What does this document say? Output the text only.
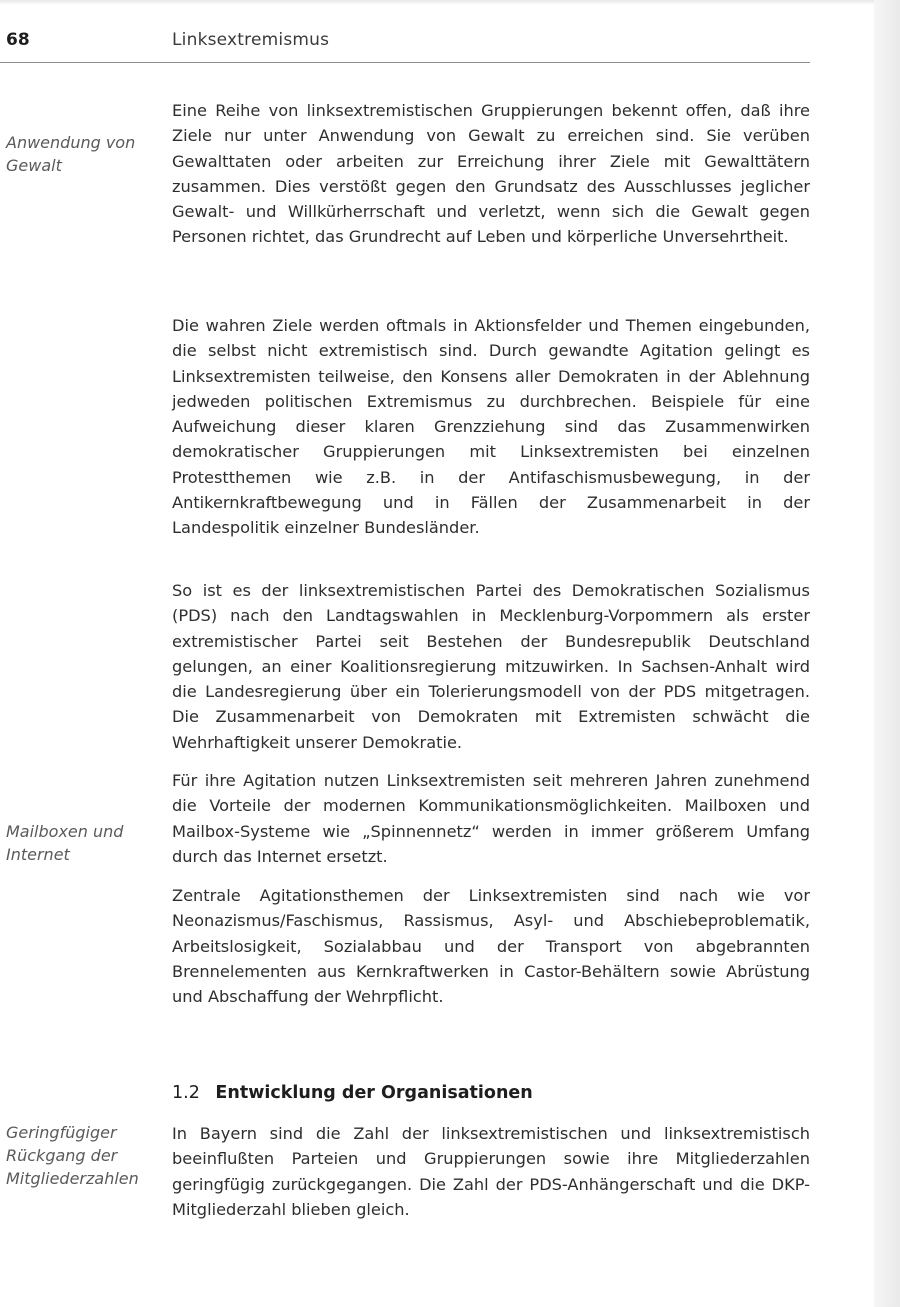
68	Linksextremismus
Anwendung von
Gewalt
Mailboxen und
Internet
Geringfügiger
Rückgang der
Mitgliederzahlen

Eine Reihe von linksextremistischen Gruppierungen bekennt offen, daß ihre Ziele nur unter Anwendung von Gewalt zu erreichen sind. Sie verüben Gewalttaten oder arbeiten zur Erreichung ihrer Ziele mit Gewalttätern zusammen. Dies verstößt gegen den Grundsatz des Ausschlusses jeglicher Gewalt- und Willkürherrschaft und verletzt, wenn sich die Gewalt gegen Personen richtet, das Grundrecht auf Leben und körperliche Unversehrtheit.

Die wahren Ziele werden oftmals in Aktionsfelder und Themen eingebunden, die selbst nicht extremistisch sind. Durch gewandte Agitation gelingt es Linksextremisten teilweise, den Konsens aller Demokraten in der Ablehnung jedweden politischen Extremismus zu durchbrechen. Beispiele für eine Aufweichung dieser klaren Grenzziehung sind das Zusammenwirken demokratischer Gruppierungen mit Linksextremisten bei einzelnen Protestthemen wie z.B. in der Antifaschismusbewegung, in der Antikernkraftbewegung und in Fällen der Zusammenarbeit in der Landespolitik einzelner Bundesländer.

So ist es der linksextremistischen Partei des Demokratischen Sozialismus (PDS) nach den Landtagswahlen in Mecklenburg-Vorpommern als erster extremistischer Partei seit Bestehen der Bundesrepublik Deutschland gelungen, an einer Koalitionsregierung mitzuwirken. In Sachsen-Anhalt wird die Landesregierung über ein Tolerierungsmodell von der PDS mitgetragen. Die Zusammenarbeit von Demokraten mit Extremisten schwächt die Wehrhaftigkeit unserer Demokratie.

Für ihre Agitation nutzen Linksextremisten seit mehreren Jahren zunehmend die Vorteile der modernen Kommunikationsmöglichkeiten. Mailboxen und Mailbox-Systeme wie „Spinnennetz“ werden in immer größerem Umfang durch das Internet ersetzt.

Zentrale Agitationsthemen der Linksextremisten sind nach wie vor Neonazismus/Faschismus, Rassismus, Asyl- und Abschiebeproblematik, Arbeitslosigkeit, Sozialabbau und der Transport von abgebrannten Brennelementen aus Kernkraftwerken in Castor-Behältern sowie Abrüstung und Abschaffung der Wehrpflicht.

1.2 Entwicklung der Organisationen

In Bayern sind die Zahl der linksextremistischen und linksextremistisch beeinflußten Parteien und Gruppierungen sowie ihre Mitgliederzahlen geringfügig zurückgegangen. Die Zahl der PDS-Anhängerschaft und die DKP-Mitgliederzahl blieben gleich.
